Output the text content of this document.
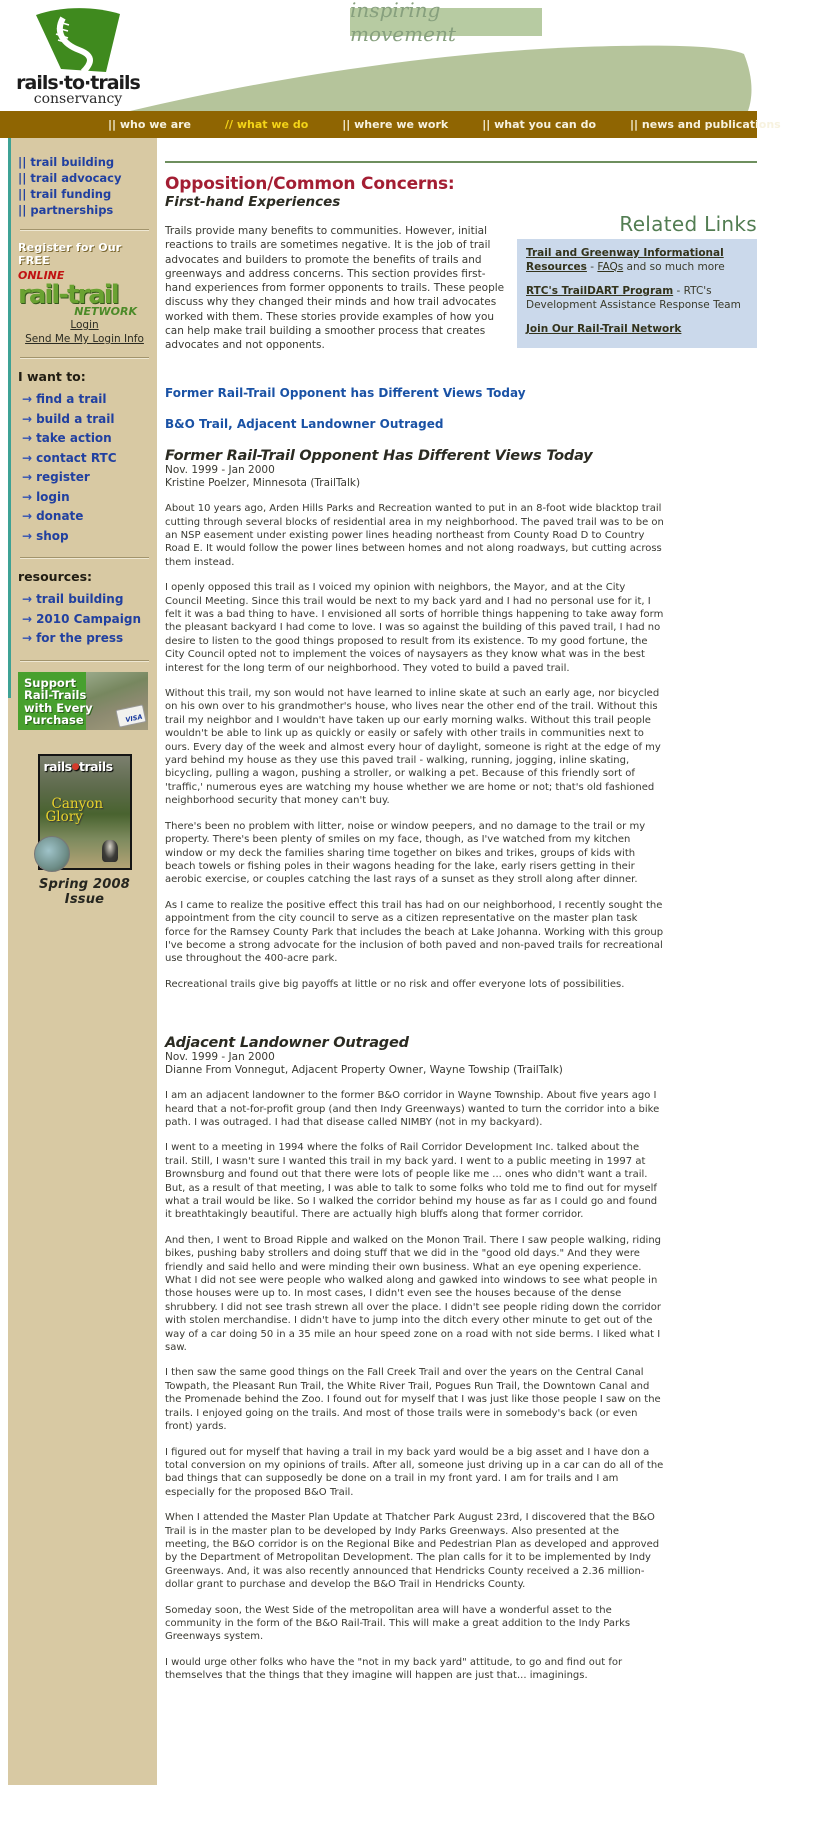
rails·to·trails
conservancy
inspiring movement
|| who we are	// what we do	|| where we work	|| what you can do	|| news and publications
|| trail building
|| trail advocacy
|| trail funding
|| partnerships
Register for Our FREE
ONLINE
rail-trail
NETWORK
Login
Send Me My Login Info
I want to:
→ find a trail
→ build a trail
→ take action
→ contact RTC
→ register
→ login
→ donate
→ shop
resources:
→ trail building
→ 2010 Campaign
→ for the press
VISA
Support
Rail-Trails
with Every
Purchase
rails●trails
Canyon
Glory
Spring 2008 Issue
Opposition/Common Concerns:
First-hand Experiences
Related Links
Trail and Greenway Informational Resources - FAQs and so much more
RTC's TrailDART Program - RTC's Development Assistance Response Team
Join Our Rail-Trail Network

Trails provide many benefits to communities. However, initial reactions to trails are sometimes negative. It is the job of trail advocates and builders to promote the benefits of trails and greenways and address concerns. This section provides first-hand experiences from former opponents to trails. These people discuss why they changed their minds and how trail advocates worked with them. These stories provide examples of how you can help make trail building a smoother process that creates advocates and not opponents.

Former Rail-Trail Opponent has Different Views Today
B&O Trail, Adjacent Landowner Outraged
Former Rail-Trail Opponent Has Different Views Today
Nov. 1999 - Jan 2000
Kristine Poelzer, Minnesota (TrailTalk)

About 10 years ago, Arden Hills Parks and Recreation wanted to put in an 8-foot wide blacktop trail cutting through several blocks of residential area in my neighborhood. The paved trail was to be on an NSP easement under existing power lines heading northeast from County Road D to Country Road E. It would follow the power lines between homes and not along roadways, but cutting across them instead.

I openly opposed this trail as I voiced my opinion with neighbors, the Mayor, and at the City Council Meeting. Since this trail would be next to my back yard and I had no personal use for it, I felt it was a bad thing to have. I envisioned all sorts of horrible things happening to take away form the pleasant backyard I had come to love. I was so against the building of this paved trail, I had no desire to listen to the good things proposed to result from its existence. To my good fortune, the City Council opted not to implement the voices of naysayers as they know what was in the best interest for the long term of our neighborhood. They voted to build a paved trail.

Without this trail, my son would not have learned to inline skate at such an early age, nor bicycled on his own over to his grandmother's house, who lives near the other end of the trail. Without this trail my neighbor and I wouldn't have taken up our early morning walks. Without this trail people wouldn't be able to link up as quickly or easily or safely with other trails in communities next to ours. Every day of the week and almost every hour of daylight, someone is right at the edge of my yard behind my house as they use this paved trail - walking, running, jogging, inline skating, bicycling, pulling a wagon, pushing a stroller, or walking a pet. Because of this friendly sort of 'traffic,' numerous eyes are watching my house whether we are home or not; that's old fashioned neighborhood security that money can't buy.

There's been no problem with litter, noise or window peepers, and no damage to the trail or my property. There's been plenty of smiles on my face, though, as I've watched from my kitchen window or my deck the families sharing time together on bikes and trikes, groups of kids with beach towels or fishing poles in their wagons heading for the lake, early risers getting in their aerobic exercise, or couples catching the last rays of a sunset as they stroll along after dinner.

As I came to realize the positive effect this trail has had on our neighborhood, I recently sought the appointment from the city council to serve as a citizen representative on the master plan task force for the Ramsey County Park that includes the beach at Lake Johanna. Working with this group I've become a strong advocate for the inclusion of both paved and non-paved trails for recreational use throughout the 400-acre park.

Recreational trails give big payoffs at little or no risk and offer everyone lots of possibilities.

Adjacent Landowner Outraged
Nov. 1999 - Jan 2000
Dianne From Vonnegut, Adjacent Property Owner, Wayne Towship (TrailTalk)

I am an adjacent landowner to the former B&O corridor in Wayne Township. About five years ago I heard that a not-for-profit group (and then Indy Greenways) wanted to turn the corridor into a bike path. I was outraged. I had that disease called NIMBY (not in my backyard).

I went to a meeting in 1994 where the folks of Rail Corridor Development Inc. talked about the trail. Still, I wasn't sure I wanted this trail in my back yard. I went to a public meeting in 1997 at Brownsburg and found out that there were lots of people like me ... ones who didn't want a trail. But, as a result of that meeting, I was able to talk to some folks who told me to find out for myself what a trail would be like. So I walked the corridor behind my house as far as I could go and found it breathtakingly beautiful. There are actually high bluffs along that former corridor.

And then, I went to Broad Ripple and walked on the Monon Trail. There I saw people walking, riding bikes, pushing baby strollers and doing stuff that we did in the "good old days." And they were friendly and said hello and were minding their own business. What an eye opening experience. What I did not see were people who walked along and gawked into windows to see what people in those houses were up to. In most cases, I didn't even see the houses because of the dense shrubbery. I did not see trash strewn all over the place. I didn't see people riding down the corridor with stolen merchandise. I didn't have to jump into the ditch every other minute to get out of the way of a car doing 50 in a 35 mile an hour speed zone on a road with not side berms. I liked what I saw.

I then saw the same good things on the Fall Creek Trail and over the years on the Central Canal Towpath, the Pleasant Run Trail, the White River Trail, Pogues Run Trail, the Downtown Canal and the Promenade behind the Zoo. I found out for myself that I was just like those people I saw on the trails. I enjoyed going on the trails. And most of those trails were in somebody's back (or even front) yards.

I figured out for myself that having a trail in my back yard would be a big asset and I have don a total conversion on my opinions of trails. After all, someone just driving up in a car can do all of the bad things that can supposedly be done on a trail in my front yard. I am for trails and I am especially for the proposed B&O Trail.

When I attended the Master Plan Update at Thatcher Park August 23rd, I discovered that the B&O Trail is in the master plan to be developed by Indy Parks Greenways. Also presented at the meeting, the B&O corridor is on the Regional Bike and Pedestrian Plan as developed and approved by the Department of Metropolitan Development. The plan calls for it to be implemented by Indy Greenways. And, it was also recently announced that Hendricks County received a 2.36 million-dollar grant to purchase and develop the B&O Trail in Hendricks County.

Someday soon, the West Side of the metropolitan area will have a wonderful asset to the community in the form of the B&O Rail-Trail. This will make a great addition to the Indy Parks Greenways system.

I would urge other folks who have the "not in my back yard" attitude, to go and find out for themselves that the things that they imagine will happen are just that... imaginings.
